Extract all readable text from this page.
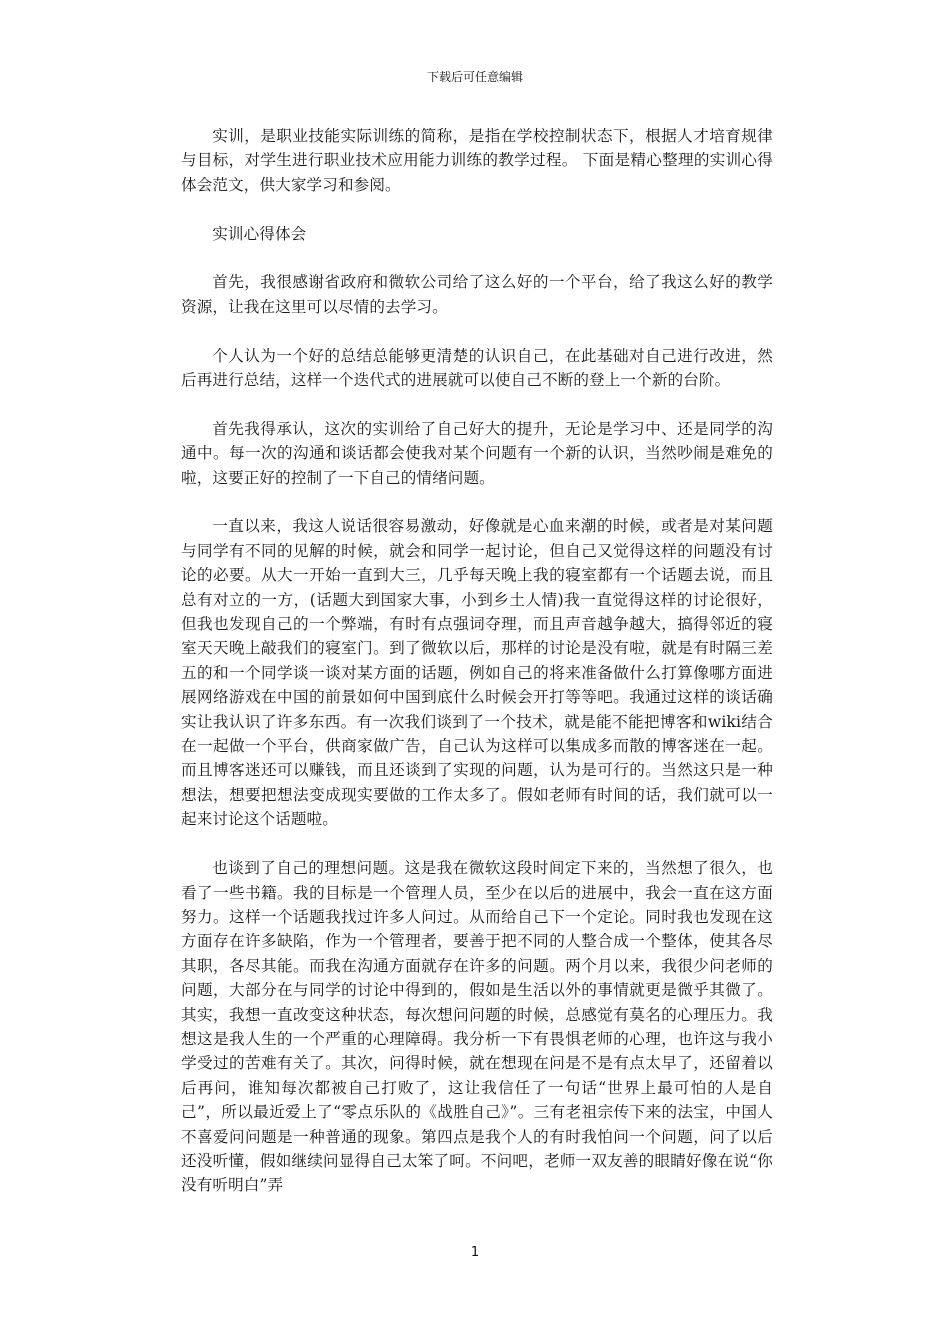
下载后可任意编辑

实训，是职业技能实际训练的简称，是指在学校控制状态下，根据人才培育规律与目标，对学生进行职业技术应用能力训练的教学过程。 下面是精心整理的实训心得体会范文，供大家学习和参阅。

实训心得体会

首先，我很感谢省政府和微软公司给了这么好的一个平台，给了我这么好的教学资源，让我在这里可以尽情的去学习。

个人认为一个好的总结总能够更清楚的认识自己，在此基础对自己进行改进，然后再进行总结，这样一个迭代式的进展就可以使自己不断的登上一个新的台阶。

首先我得承认，这次的实训给了自己好大的提升，无论是学习中、还是同学的沟通中。每一次的沟通和谈话都会使我对某个问题有一个新的认识，当然吵闹是难免的啦，这要正好的控制了一下自己的情绪问题。

一直以来，我这人说话很容易激动，好像就是心血来潮的时候，或者是对某问题与同学有不同的见解的时候，就会和同学一起讨论，但自己又觉得这样的问题没有讨论的必要。从大一开始一直到大三，几乎每天晚上我的寝室都有一个话题去说，而且总有对立的一方，(话题大到国家大事，小到乡土人情)我一直觉得这样的讨论很好，但我也发现自己的一个弊端，有时有点强词夺理，而且声音越争越大，搞得邻近的寝室天天晚上敲我们的寝室门。到了微软以后，那样的讨论是没有啦，就是有时隔三差五的和一个同学谈一谈对某方面的话题，例如自己的将来准备做什么打算像哪方面进展网络游戏在中国的前景如何中国到底什么时候会开打等等吧。我通过这样的谈话确实让我认识了许多东西。有一次我们谈到了一个技术，就是能不能把博客和wiki结合在一起做一个平台，供商家做广告，自己认为这样可以集成多而散的博客迷在一起。而且博客迷还可以赚钱，而且还谈到了实现的问题，认为是可行的。当然这只是一种想法，想要把想法变成现实要做的工作太多了。假如老师有时间的话，我们就可以一起来讨论这个话题啦。

也谈到了自己的理想问题。这是我在微软这段时间定下来的，当然想了很久，也看了一些书籍。我的目标是一个管理人员，至少在以后的进展中，我会一直在这方面努力。这样一个话题我找过许多人问过。从而给自己下一个定论。同时我也发现在这方面存在许多缺陷，作为一个管理者，要善于把不同的人整合成一个整体，使其各尽其职，各尽其能。而我在沟通方面就存在许多的问题。两个月以来，我很少问老师的问题，大部分在与同学的讨论中得到的，假如是生活以外的事情就更是微乎其微了。其实，我想一直改变这种状态，每次想问问题的时候，总感觉有莫名的心理压力。我想这是我人生的一个严重的心理障碍。我分析一下有畏惧老师的心理，也许这与我小学受过的苦难有关了。其次，问得时候，就在想现在问是不是有点太早了，还留着以后再问，谁知每次都被自己打败了，这让我信任了一句话“世界上最可怕的人是自己”，所以最近爱上了“零点乐队的《战胜自己》”。三有老祖宗传下来的法宝，中国人不喜爱问问题是一种普通的现象。第四点是我个人的有时我怕问一个问题，问了以后还没听懂，假如继续问显得自己太笨了呵。不问吧，老师一双友善的眼睛好像在说“你没有听明白”弄

1
